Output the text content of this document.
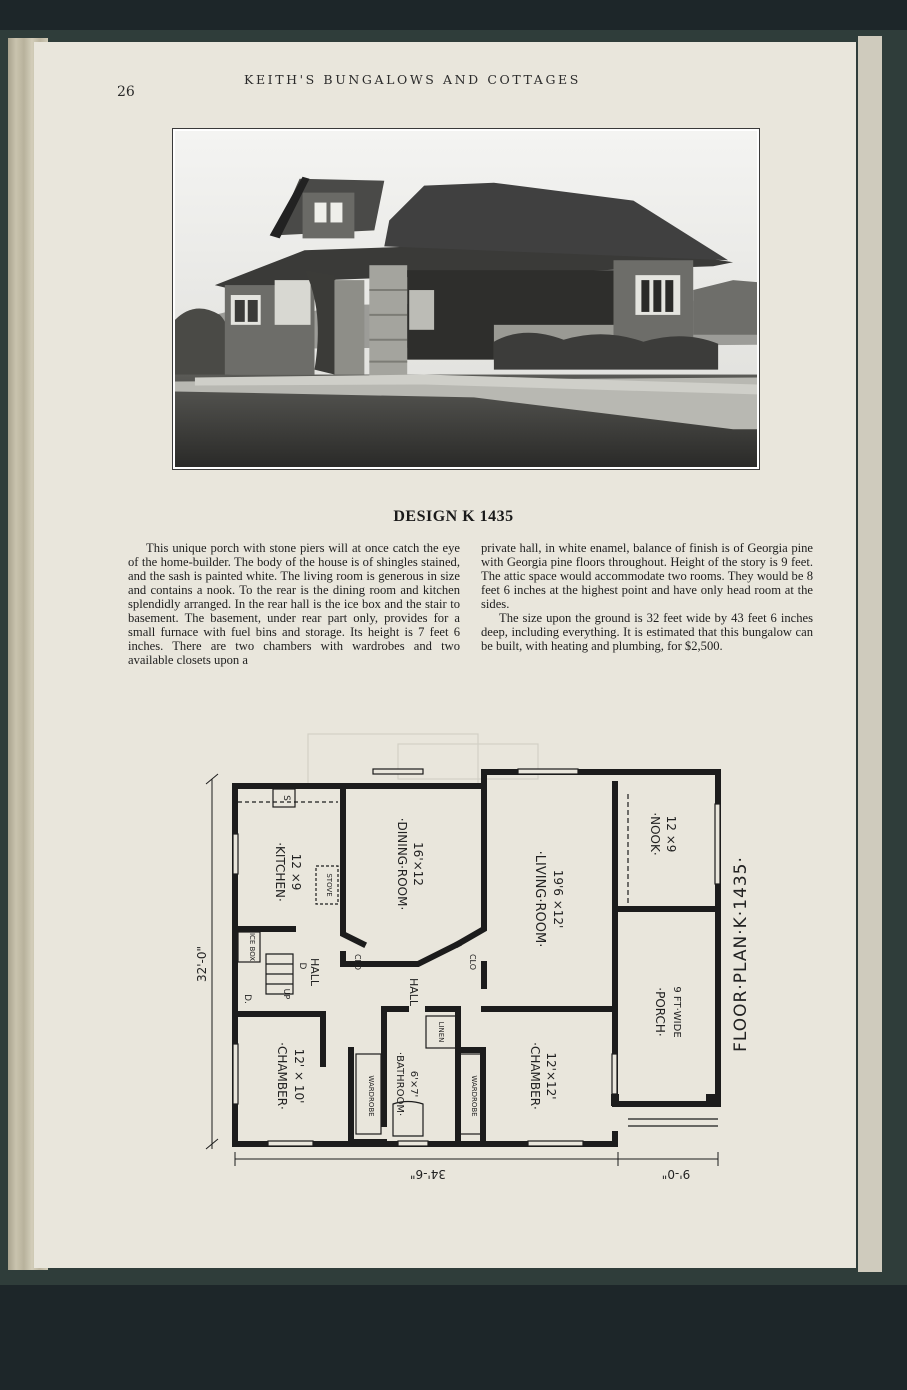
26
KEITH'S BUNGALOWS AND COTTAGES
DESIGN K 1435

This unique porch with stone piers will at once catch the eye of the home-builder. The body of the house is of shingles stained, and the sash is painted white. The living room is generous in size and contains a nook. To the rear is the dining room and kitchen splendidly arranged. In the rear hall is the ice box and the stair to basement. The basement, under rear part only, provides for a small furnace with fuel bins and storage. Its height is 7 feet 6 inches. There are two chambers with wardrobes and two available closets upon a

private hall, in white enamel, balance of finish is of Georgia pine with Georgia pine floors throughout. Height of the story is 9 feet. The attic space would accommodate two rooms. They would be 8 feet 6 inches at the highest point and have only head room at the sides.

The size upon the ground is 32 feet wide by 43 feet 6 inches deep, including everything. It is estimated that this bungalow can be built, with heating and plumbing, for $2,500.

·KITCHEN· 12 ×9	STOVE	·DINING·ROOM· 16'×12	·LIVING·ROOM· 19'6 ×12'
·NOOK· 12 ×9
·PORCH· 9 FT·WIDE
·CHAMBER· 12' × 10'	·CHAMBER· 12'×12'
·BATHROOM· 6'×7'
HALL
HALL
WARDROBE	WARDROBE
LINEN
ICE BOX
CLO	CLO
D.
D
UP
S
32'-0"
34'-6"	9'-0"
FLOOR·PLAN·K·1435·
